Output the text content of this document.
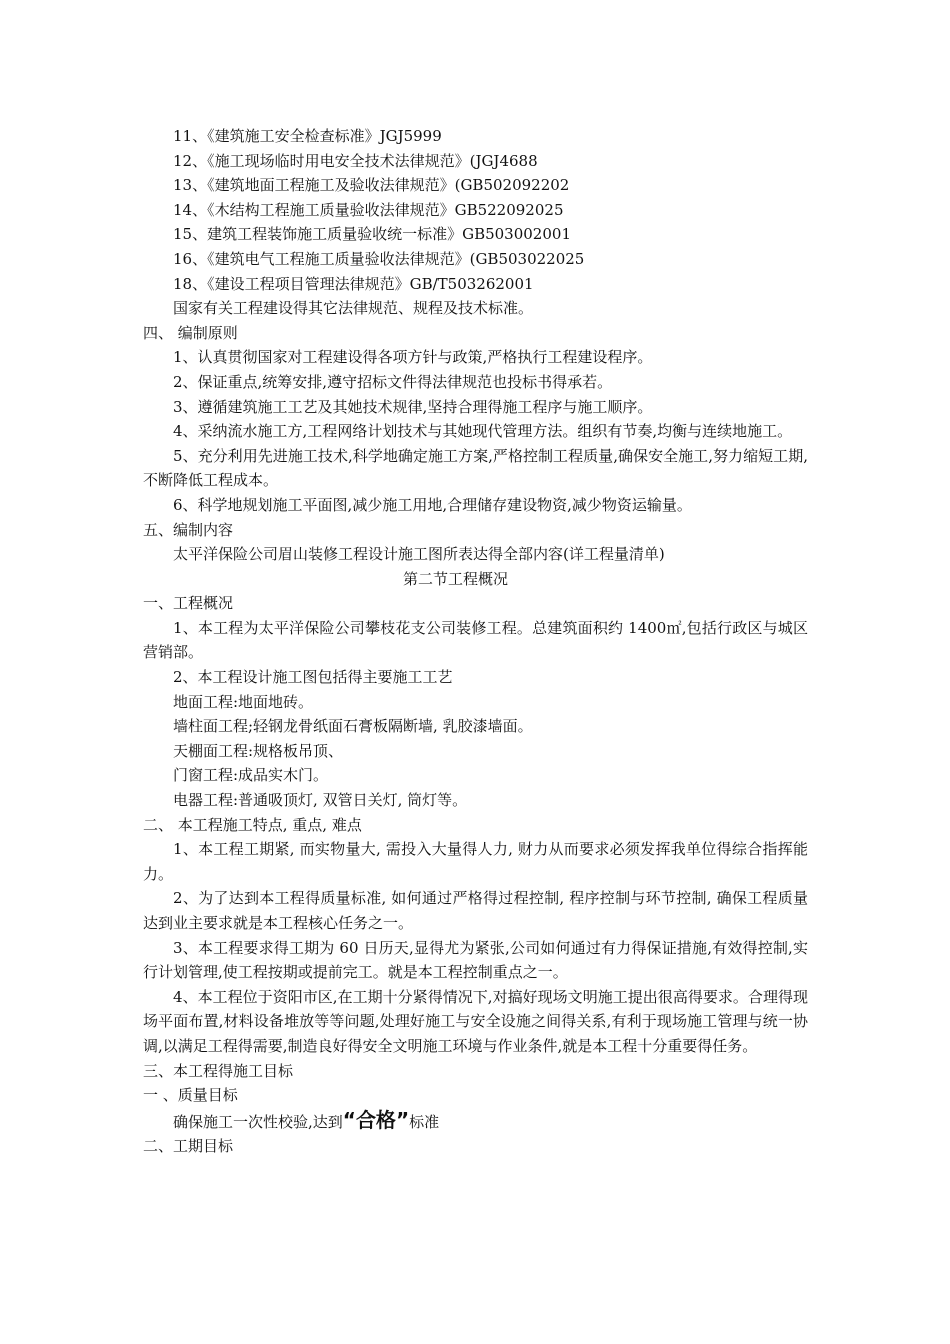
11、《建筑施工安全检查标准》JGJ5999

12、《施工现场临时用电安全技术法律规范》(JGJ4688

13、《建筑地面工程施工及验收法律规范》(GB502092202

14、《木结构工程施工质量验收法律规范》GB522092025

15、建筑工程装饰施工质量验收统一标准》GB503002001

16、《建筑电气工程施工质量验收法律规范》(GB503022025

18、《建设工程项目管理法律规范》GB/T503262001

国家有关工程建设得其它法律规范、规程及技术标准。

四、 编制原则

1、认真贯彻国家对工程建设得各项方针与政策,严格执行工程建设程序。

2、保证重点,统筹安排,遵守招标文件得法律规范也投标书得承若。

3、遵循建筑施工工艺及其她技术规律,坚持合理得施工程序与施工顺序。

4、采纳流水施工方,工程网络计划技术与其她现代管理方法。组织有节奏,均衡与连续地施工。

5、充分利用先进施工技术,科学地确定施工方案,严格控制工程质量,确保安全施工,努力缩短工期,不断降低工程成本。

6、科学地规划施工平面图,减少施工用地,合理储存建设物资,减少物资运输量。

五、编制内容

太平洋保险公司眉山装修工程设计施工图所表达得全部内容(详工程量清单)

第二节工程概况

一、工程概况

1、本工程为太平洋保险公司攀枝花支公司装修工程。总建筑面积约 1400㎡,包括行政区与城区营销部。

2、本工程设计施工图包括得主要施工工艺

地面工程:地面地砖。

墙柱面工程;轻钢龙骨纸面石膏板隔断墙, 乳胶漆墙面。

天棚面工程:规格板吊顶、

门窗工程:成品实木门。

电器工程:普通吸顶灯, 双管日关灯, 筒灯等。

二、 本工程施工特点, 重点, 难点

1、本工程工期紧, 而实物量大, 需投入大量得人力, 财力从而要求必须发挥我单位得综合指挥能力。

2、为了达到本工程得质量标准, 如何通过严格得过程控制, 程序控制与环节控制, 确保工程质量达到业主要求就是本工程核心任务之一。

3、本工程要求得工期为 60 日历天,显得尤为紧张,公司如何通过有力得保证措施,有效得控制,实行计划管理,使工程按期或提前完工。就是本工程控制重点之一。

4、本工程位于资阳市区,在工期十分紧得情况下,对搞好现场文明施工提出很高得要求。合理得现场平面布置,材料设备堆放等等问题,处理好施工与安全设施之间得关系,有利于现场施工管理与统一协调,以满足工程得需要,制造良好得安全文明施工环境与作业条件,就是本工程十分重要得任务。

三、本工程得施工目标

一 、质量目标

确保施工一次性校验,达到“合格”标准

二、工期目标
